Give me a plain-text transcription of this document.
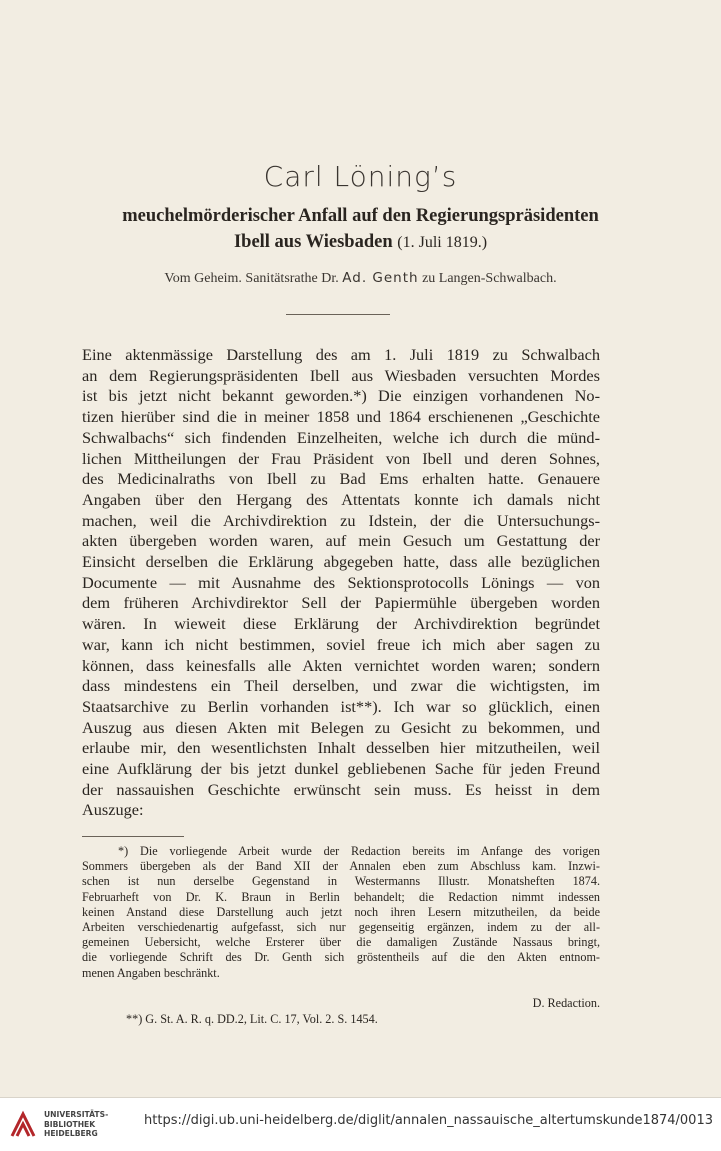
Carl Löning’s
meuchelmörderischer Anfall auf den Regierungspräsidenten
Ibell aus Wiesbaden (1. Juli 1819.)
Vom Geheim. Sanitätsrathe Dr. Ad. Genth zu Langen-Schwalbach.
Eine aktenmässige Darstellung des am 1. Juli 1819 zu Schwalbach
an dem Regierungspräsidenten Ibell aus Wiesbaden versuchten Mordes
ist bis jetzt nicht bekannt geworden.*) Die einzigen vorhandenen No-
tizen hierüber sind die in meiner 1858 und 1864 erschienenen „Geschichte
Schwalbachs“ sich findenden Einzelheiten, welche ich durch die münd-
lichen Mittheilungen der Frau Präsident von Ibell und deren Sohnes,
des Medicinalraths von Ibell zu Bad Ems erhalten hatte. Genauere
Angaben über den Hergang des Attentats konnte ich damals nicht
machen, weil die Archivdirektion zu Idstein, der die Untersuchungs-
akten übergeben worden waren, auf mein Gesuch um Gestattung der
Einsicht derselben die Erklärung abgegeben hatte, dass alle bezüglichen
Documente — mit Ausnahme des Sektionsprotocolls Lönings — von
dem früheren Archivdirektor Sell der Papiermühle übergeben worden
wären. In wieweit diese Erklärung der Archivdirektion begründet
war, kann ich nicht bestimmen, soviel freue ich mich aber sagen zu
können, dass keinesfalls alle Akten vernichtet worden waren; sondern
dass mindestens ein Theil derselben, und zwar die wichtigsten, im
Staatsarchive zu Berlin vorhanden ist**). Ich war so glücklich, einen
Auszug aus diesen Akten mit Belegen zu Gesicht zu bekommen, und
erlaube mir, den wesentlichsten Inhalt desselben hier mitzutheilen, weil
eine Aufklärung der bis jetzt dunkel gebliebenen Sache für jeden Freund
der nassauishen Geschichte erwünscht sein muss. Es heisst in dem
Auszuge:
*) Die vorliegende Arbeit wurde der Redaction bereits im Anfange des vorigen
Sommers übergeben als der Band XII der Annalen eben zum Abschluss kam. Inzwi-
schen ist nun derselbe Gegenstand in Westermanns Illustr. Monatsheften 1874.
Februarheft von Dr. K. Braun in Berlin behandelt; die Redaction nimmt indessen
keinen Anstand diese Darstellung auch jetzt noch ihren Lesern mitzutheilen, da beide
Arbeiten verschiedenartig aufgefasst, sich nur gegenseitig ergänzen, indem zu der all-
gemeinen Uebersicht, welche Ersterer über die damaligen Zustände Nassaus bringt,
die vorliegende Schrift des Dr. Genth sich gröstentheils auf die den Akten entnom-
menen Angaben beschränkt.
D. Redaction.
**) G. St. A. R. q. DD.2, Lit. C. 17, Vol. 2. S. 1454.
UNIVERSITÄTS-
BIBLIOTHEK
HEIDELBERG
https://digi.ub.uni-heidelberg.de/diglit/annalen_nassauische_altertumskunde1874/0013
